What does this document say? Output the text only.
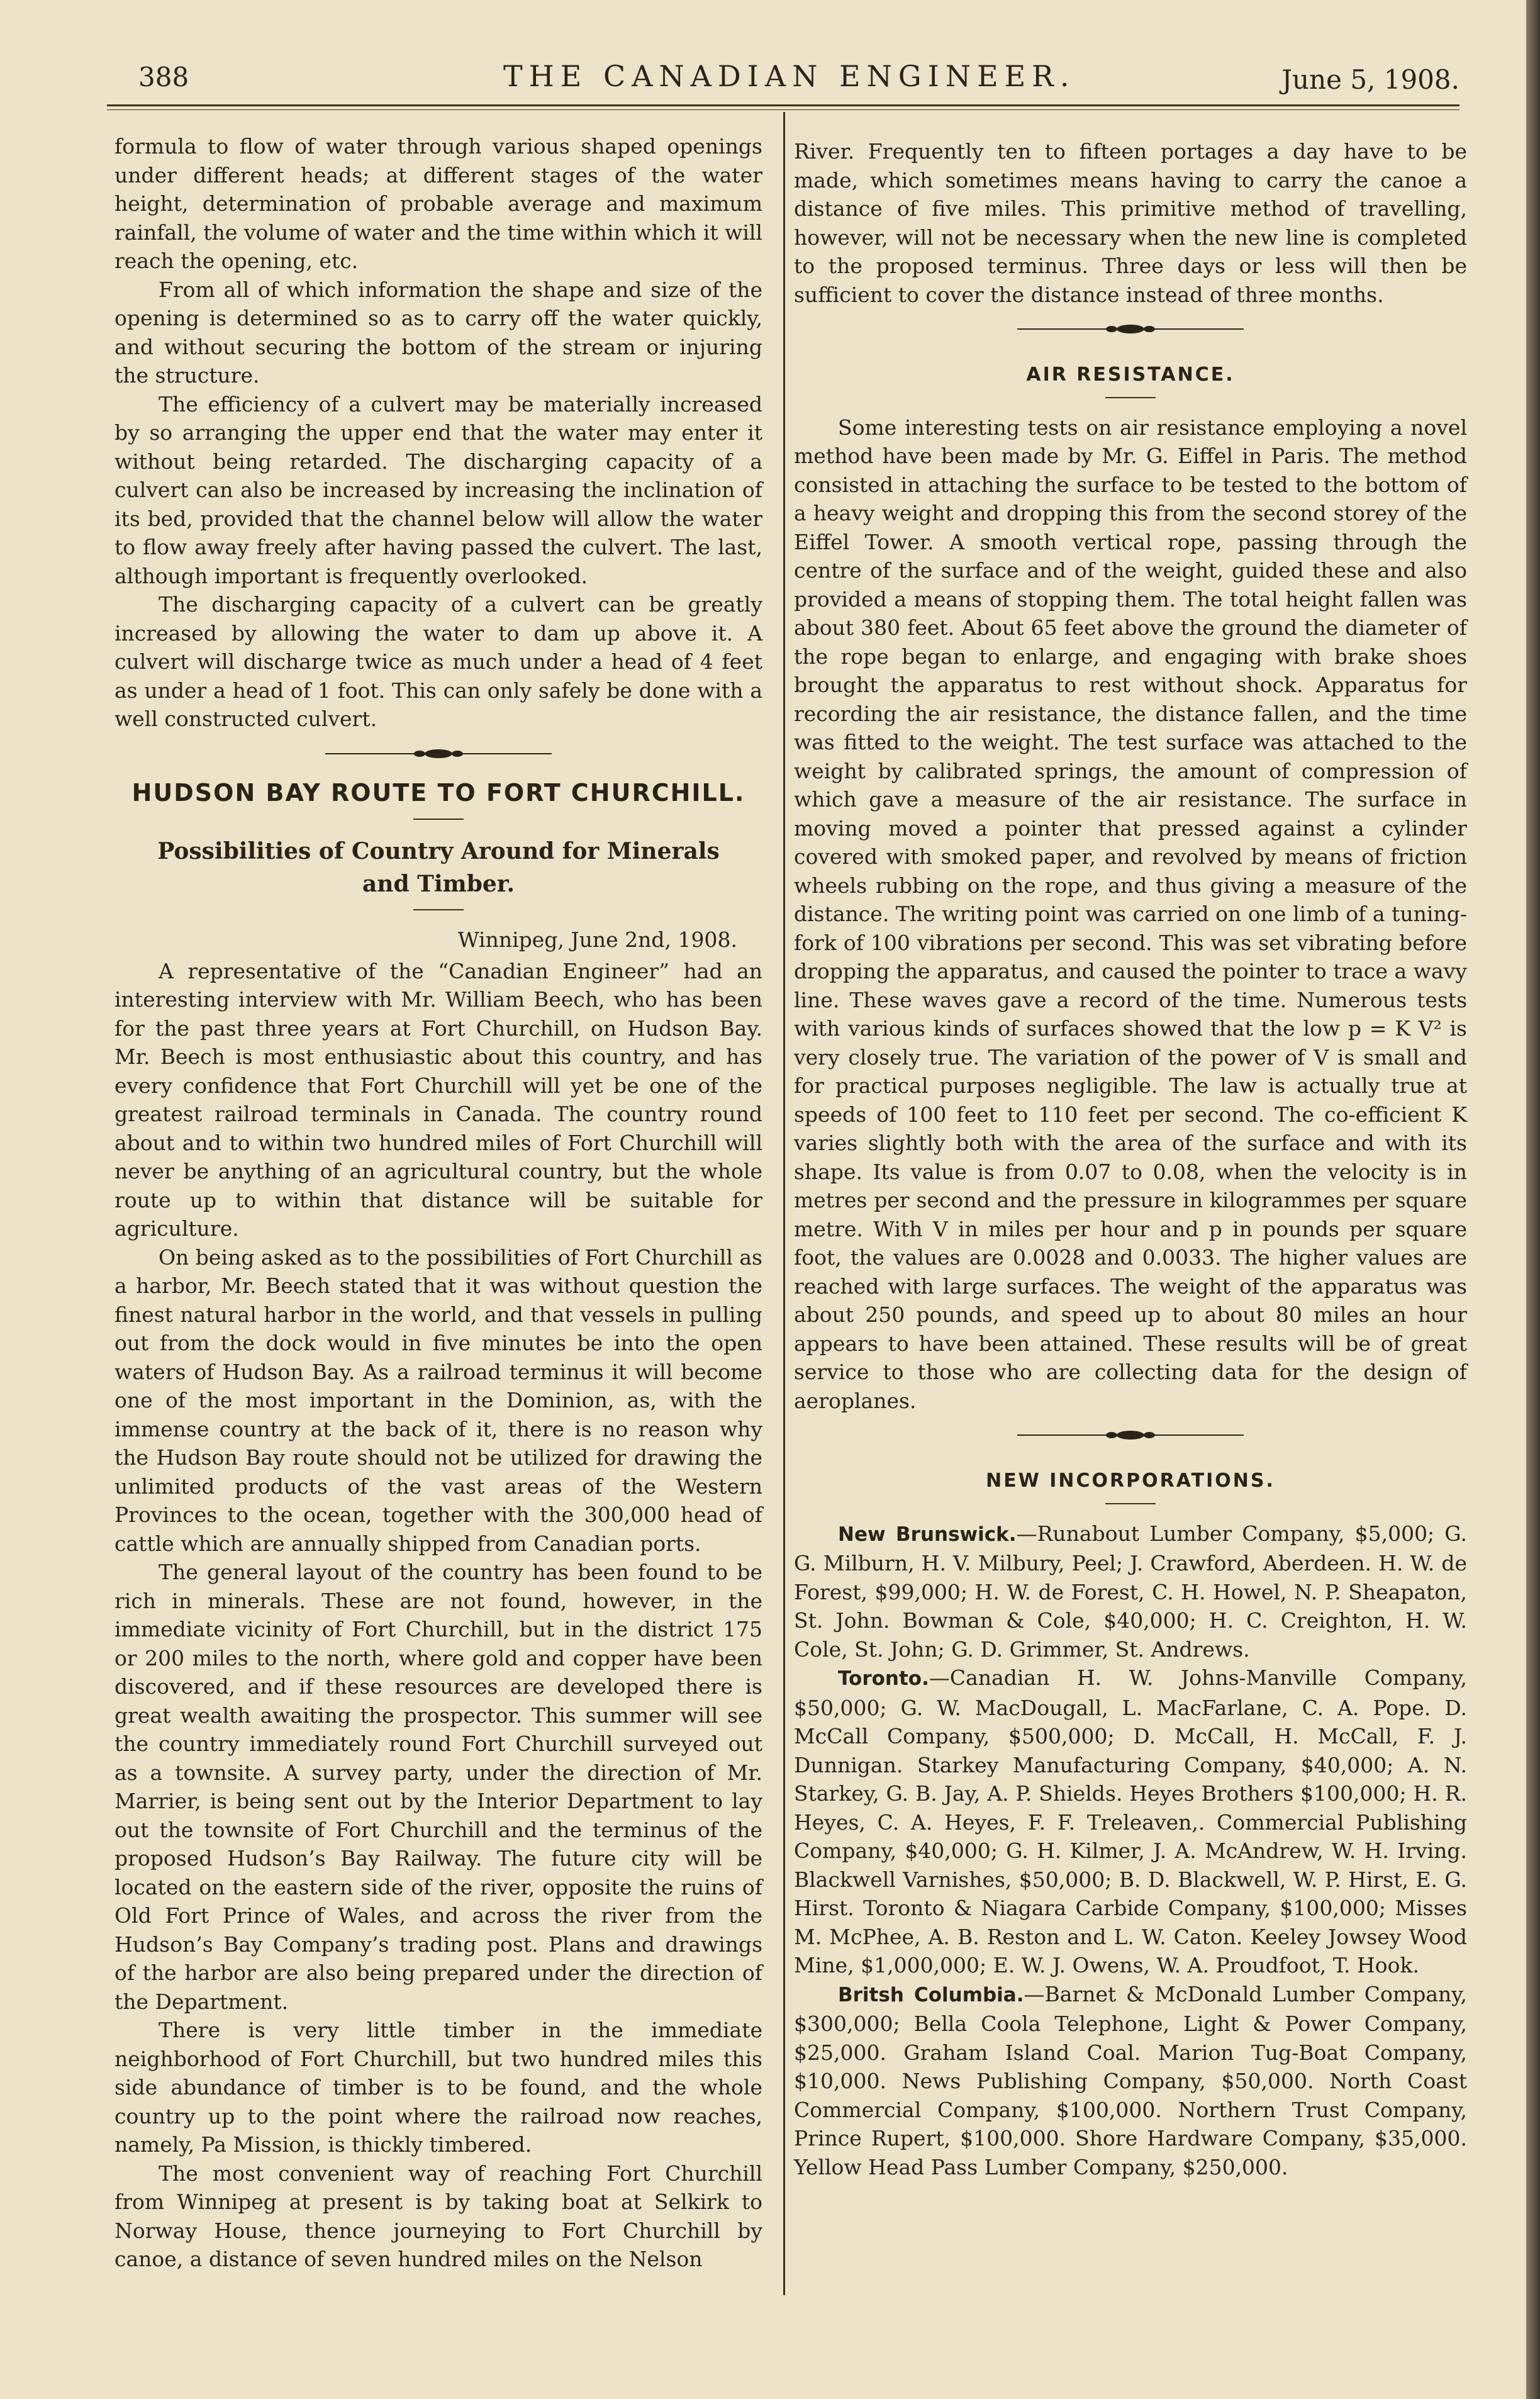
388	THE CANADIAN ENGINEER.	June 5, 1908.

formula to flow of water through various shaped openings under different heads; at different stages of the water height, determination of probable average and maximum rainfall, the volume of water and the time within which it will reach the opening, etc.

From all of which information the shape and size of the opening is determined so as to carry off the water quickly, and without securing the bottom of the stream or injuring the structure.

The efficiency of a culvert may be materially increased by so arranging the upper end that the water may enter it without being retarded. The discharging capacity of a culvert can also be increased by increasing the inclination of its bed, provided that the channel below will allow the water to flow away freely after having passed the culvert. The last, although important is frequently overlooked.

The discharging capacity of a culvert can be greatly increased by allowing the water to dam up above it. A culvert will discharge twice as much under a head of 4 feet as under a head of 1 foot. This can only safely be done with a well constructed culvert.

HUDSON BAY ROUTE TO FORT CHURCHILL.
Possibilities of Country Around for Minerals and Timber.
Winnipeg, June 2nd, 1908.

A representative of the “Canadian Engineer” had an interesting interview with Mr. William Beech, who has been for the past three years at Fort Churchill, on Hudson Bay. Mr. Beech is most enthusiastic about this country, and has every confidence that Fort Churchill will yet be one of the greatest railroad terminals in Canada. The country round about and to within two hundred miles of Fort Churchill will never be anything of an agricultural country, but the whole route up to within that distance will be suitable for agriculture.

On being asked as to the possibilities of Fort Churchill as a harbor, Mr. Beech stated that it was without question the finest natural harbor in the world, and that vessels in pulling out from the dock would in five minutes be into the open waters of Hudson Bay. As a railroad terminus it will become one of the most important in the Dominion, as, with the immense country at the back of it, there is no reason why the Hudson Bay route should not be utilized for drawing the unlimited products of the vast areas of the Western Provinces to the ocean, together with the 300,000 head of cattle which are annually shipped from Canadian ports.

The general layout of the country has been found to be rich in minerals. These are not found, however, in the immediate vicinity of Fort Churchill, but in the district 175 or 200 miles to the north, where gold and copper have been discovered, and if these resources are developed there is great wealth awaiting the prospector. This summer will see the country immediately round Fort Churchill surveyed out as a townsite. A survey party, under the direction of Mr. Marrier, is being sent out by the Interior Department to lay out the townsite of Fort Churchill and the terminus of the proposed Hudson’s Bay Railway. The future city will be located on the eastern side of the river, opposite the ruins of Old Fort Prince of Wales, and across the river from the Hudson’s Bay Company’s trading post. Plans and drawings of the harbor are also being prepared under the direction of the Department.

There is very little timber in the immediate neighborhood of Fort Churchill, but two hundred miles this side abundance of timber is to be found, and the whole country up to the point where the railroad now reaches, namely, Pa Mission, is thickly timbered.

The most convenient way of reaching Fort Churchill from Winnipeg at present is by taking boat at Selkirk to Norway House, thence journeying to Fort Churchill by canoe, a distance of seven hundred miles on the Nelson

River. Frequently ten to fifteen portages a day have to be made, which sometimes means having to carry the canoe a distance of five miles. This primitive method of travelling, however, will not be necessary when the new line is completed to the proposed terminus. Three days or less will then be sufficient to cover the distance instead of three months.

AIR RESISTANCE.

Some interesting tests on air resistance employing a novel method have been made by Mr. G. Eiffel in Paris. The method consisted in attaching the surface to be tested to the bottom of a heavy weight and dropping this from the second storey of the Eiffel Tower. A smooth vertical rope, passing through the centre of the surface and of the weight, guided these and also provided a means of stopping them. The total height fallen was about 380 feet. About 65 feet above the ground the diameter of the rope began to enlarge, and engaging with brake shoes brought the apparatus to rest without shock. Apparatus for recording the air resistance, the distance fallen, and the time was fitted to the weight. The test surface was attached to the weight by calibrated springs, the amount of compression of which gave a measure of the air resistance. The surface in moving moved a pointer that pressed against a cylinder covered with smoked paper, and revolved by means of friction wheels rubbing on the rope, and thus giving a measure of the distance. The writing point was carried on one limb of a tuning-fork of 100 vibrations per second. This was set vibrating before dropping the apparatus, and caused the pointer to trace a wavy line. These waves gave a record of the time. Numerous tests with various kinds of surfaces showed that the low p = K V² is very closely true. The variation of the power of V is small and for practical purposes negligible. The law is actually true at speeds of 100 feet to 110 feet per second. The co-efficient K varies slightly both with the area of the surface and with its shape. Its value is from 0.07 to 0.08, when the velocity is in metres per second and the pressure in kilogrammes per square metre. With V in miles per hour and p in pounds per square foot, the values are 0.0028 and 0.0033. The higher values are reached with large surfaces. The weight of the apparatus was about 250 pounds, and speed up to about 80 miles an hour appears to have been attained. These results will be of great service to those who are collecting data for the design of aeroplanes.

NEW INCORPORATIONS.

New Brunswick.—Runabout Lumber Company, $5,000; G. G. Milburn, H. V. Milbury, Peel; J. Crawford, Aberdeen. H. W. de Forest, $99,000; H. W. de Forest, C. H. Howel, N. P. Sheараton, St. John. Bowman & Cole, $40,000; H. C. Creighton, H. W. Cole, St. John; G. D. Grimmer, St. Andrews.

Toronto.—Canadian H. W. Johns-Manville Company, $50,000; G. W. MacDougall, L. MacFarlane, C. A. Pope. D. McCall Company, $500,000; D. McCall, H. McCall, F. J. Dunnigan. Starkey Manufacturing Company, $40,000; A. N. Starkey, G. B. Jay, A. P. Shields. Heyes Brothers $100,000; H. R. Heyes, C. A. Heyes, F. F. Treleaven,. Commercial Publishing Company, $40,000; G. H. Kilmer, J. A. McAndrew, W. H. Irving. Blackwell Varnishes, $50,000; B. D. Blackwell, W. P. Hirst, E. G. Hirst. Toronto & Niagara Carbide Company, $100,000; Misses M. McPhee, A. B. Reston and L. W. Caton. Keeley Jowsey Wood Mine, $1,000,000; E. W. J. Owens, W. A. Proudfoot, T. Hook.

Britsh Columbia.—Barnet & McDonald Lumber Company, $300,000; Bella Coola Telephone, Light & Power Company, $25,000. Graham Island Coal. Marion Tug-Boat Company, $10,000. News Publishing Company, $50,000. North Coast Commercial Company, $100,000. Northern Trust Company, Prince Rupert, $100,000. Shore Hardware Company, $35,000. Yellow Head Pass Lumber Company, $250,000.
